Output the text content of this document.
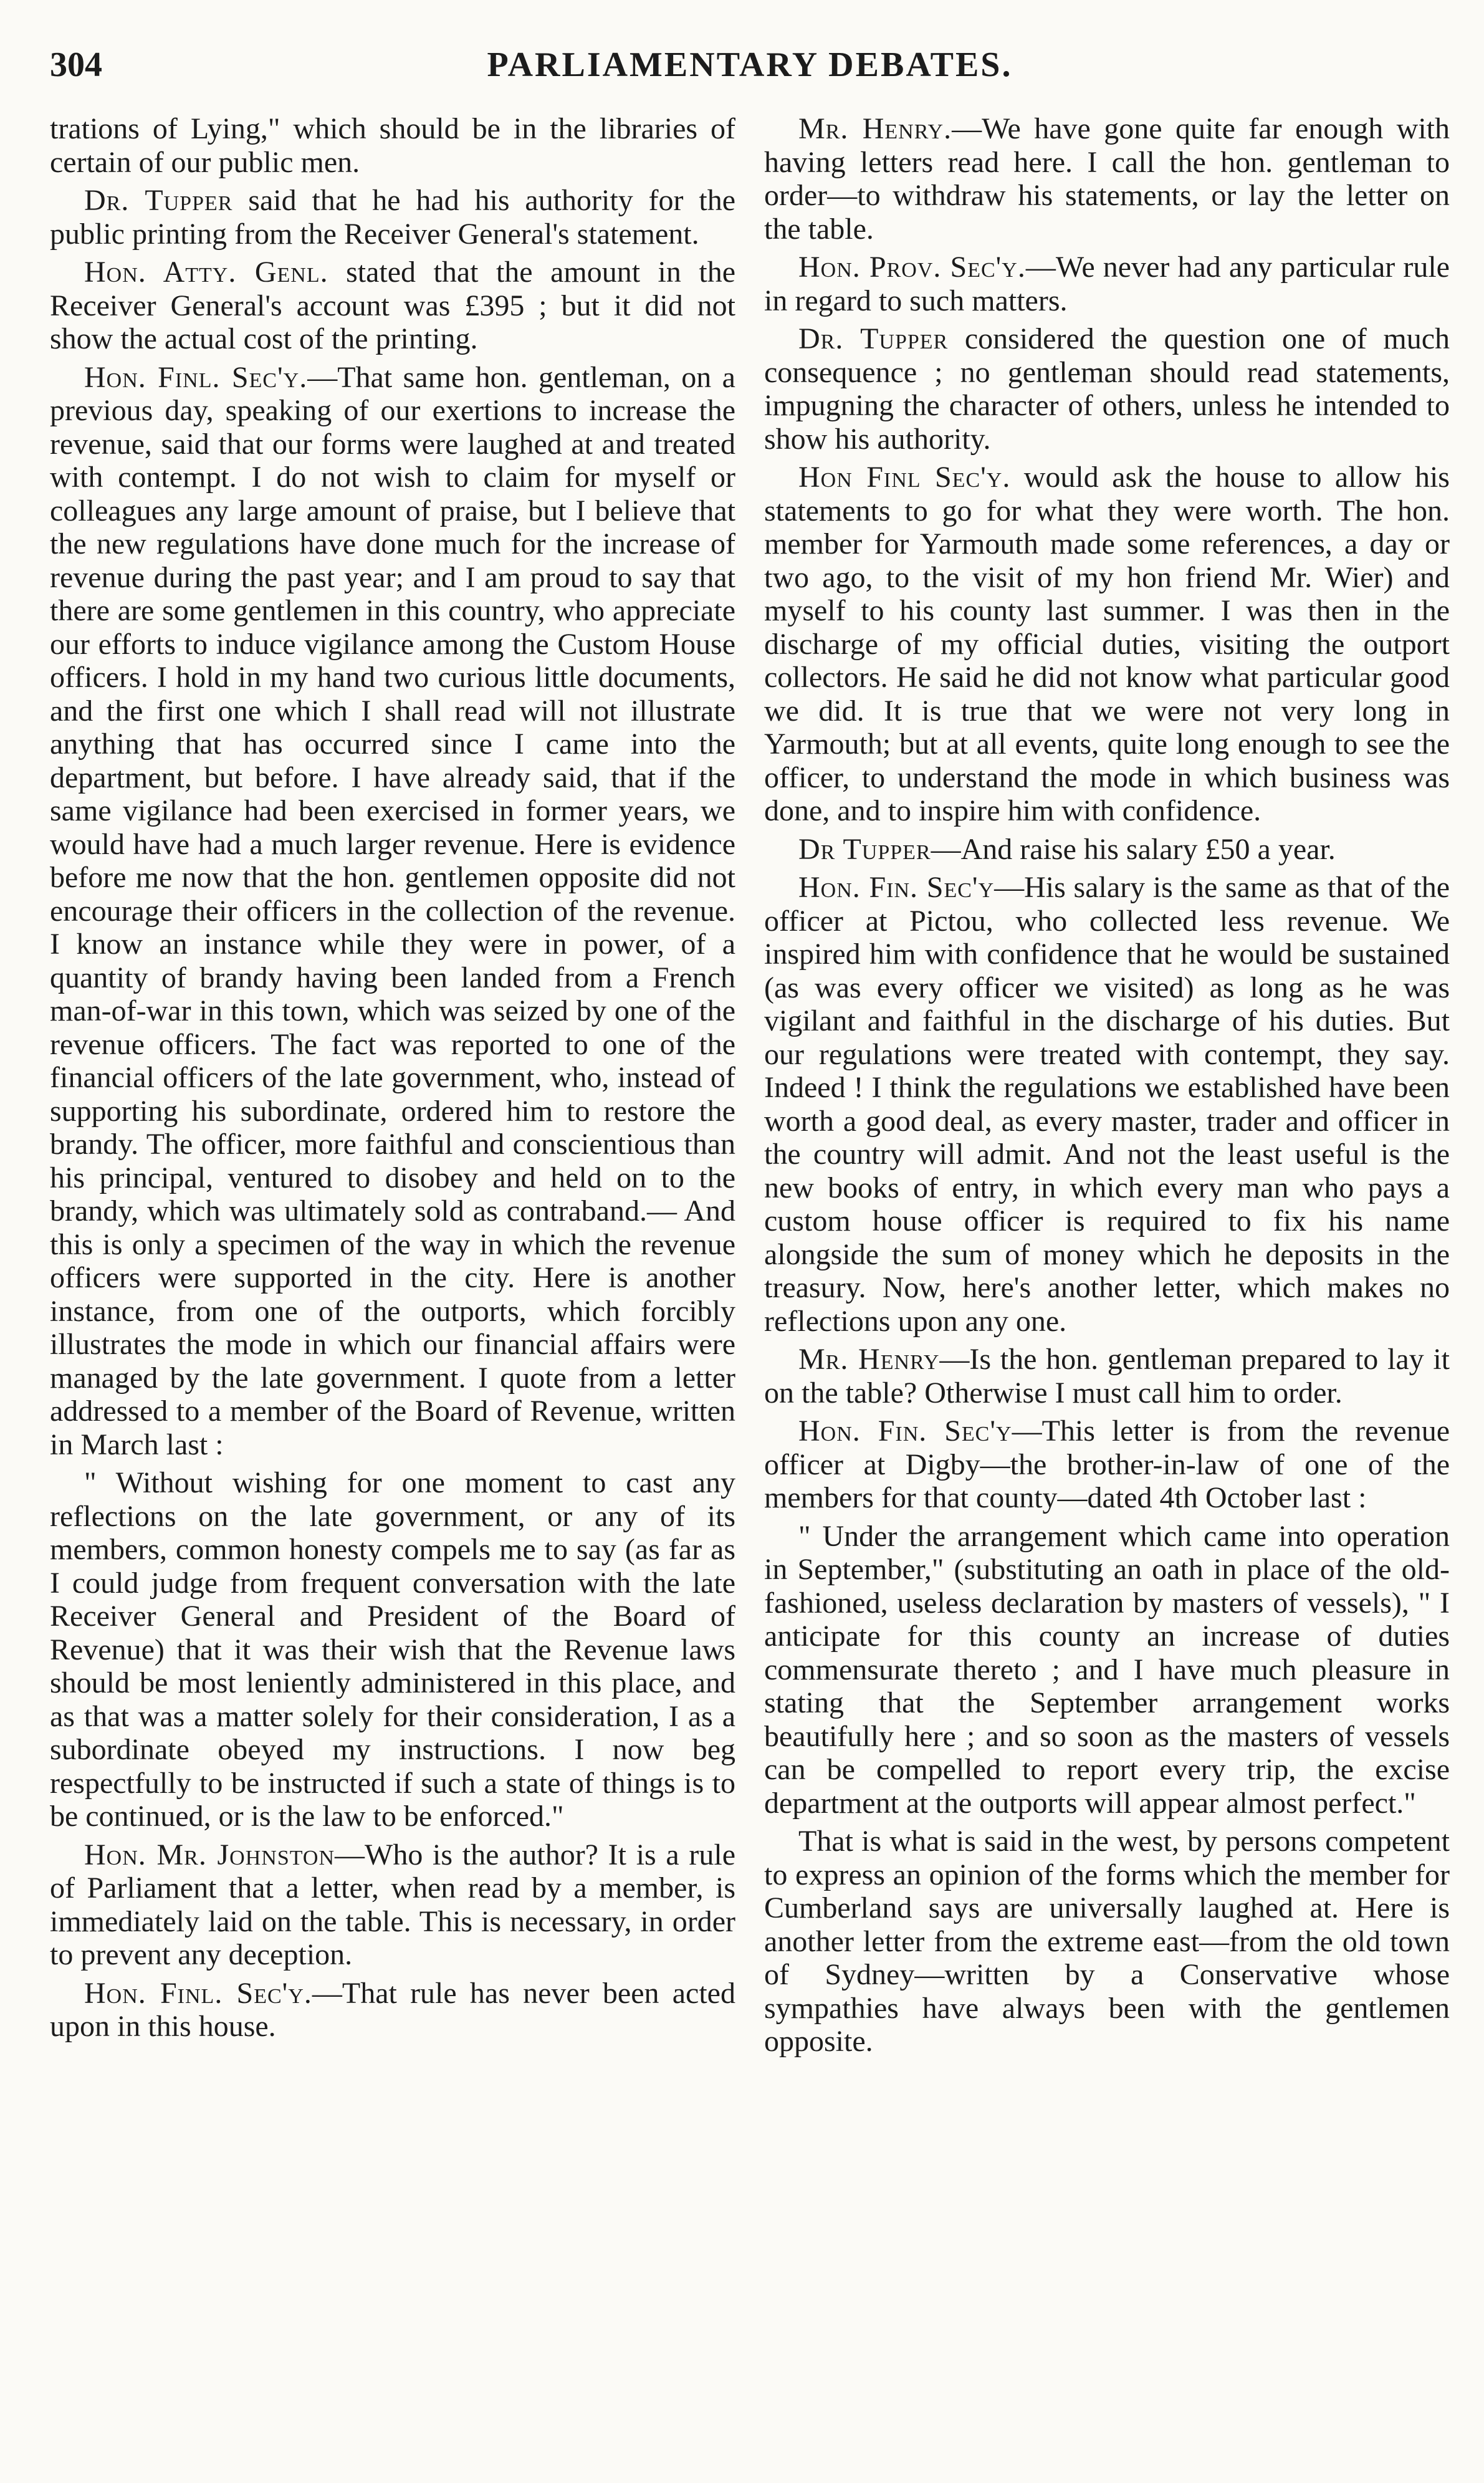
304	PARLIAMENTARY DEBATES.

trations of Lying," which should be in the libraries of certain of our public men.

Dr. Tupper said that he had his authority for the public printing from the Receiver General's statement.

Hon. Atty. Genl. stated that the amount in the Receiver General's account was £395 ; but it did not show the actual cost of the printing.

Hon. Finl. Sec'y.—That same hon. gentleman, on a previous day, speaking of our exertions to increase the revenue, said that our forms were laughed at and treated with contempt. I do not wish to claim for myself or colleagues any large amount of praise, but I believe that the new regulations have done much for the increase of revenue during the past year; and I am proud to say that there are some gentlemen in this country, who appreciate our efforts to induce vigilance among the Custom House officers. I hold in my hand two curious little documents, and the first one which I shall read will not illustrate anything that has occurred since I came into the department, but before. I have already said, that if the same vigilance had been exercised in former years, we would have had a much larger revenue. Here is evidence before me now that the hon. gentlemen opposite did not encourage their officers in the collection of the revenue. I know an instance while they were in power, of a quantity of brandy having been landed from a French man-of-war in this town, which was seized by one of the revenue officers. The fact was reported to one of the financial officers of the late government, who, instead of supporting his subordinate, ordered him to restore the brandy. The officer, more faithful and conscientious than his principal, ventured to disobey and held on to the brandy, which was ultimately sold as contraband.— And this is only a specimen of the way in which the revenue officers were supported in the city. Here is another instance, from one of the outports, which forcibly illustrates the mode in which our financial affairs were managed by the late government. I quote from a letter addressed to a member of the Board of Revenue, written in March last :

" Without wishing for one moment to cast any reflections on the late government, or any of its members, common honesty compels me to say (as far as I could judge from frequent conversation with the late Receiver General and President of the Board of Revenue) that it was their wish that the Revenue laws should be most leniently administered in this place, and as that was a matter solely for their consideration, I as a subordinate obeyed my instructions. I now beg respectfully to be instructed if such a state of things is to be continued, or is the law to be enforced."

Hon. Mr. Johnston—Who is the author? It is a rule of Parliament that a letter, when read by a member, is immediately laid on the table. This is necessary, in order to prevent any deception.

Hon. Finl. Sec'y.—That rule has never been acted upon in this house.

Mr. Henry.—We have gone quite far enough with having letters read here. I call the hon. gentleman to order—to withdraw his statements, or lay the letter on the table.

Hon. Prov. Sec'y.—We never had any particular rule in regard to such matters.

Dr. Tupper considered the question one of much consequence ; no gentleman should read statements, impugning the character of others, unless he intended to show his authority.

Hon Finl Sec'y. would ask the house to allow his statements to go for what they were worth. The hon. member for Yarmouth made some references, a day or two ago, to the visit of my hon friend Mr. Wier) and myself to his county last summer. I was then in the discharge of my official duties, visiting the outport collectors. He said he did not know what particular good we did. It is true that we were not very long in Yarmouth; but at all events, quite long enough to see the officer, to understand the mode in which business was done, and to inspire him with confidence.

Dr Tupper—And raise his salary £50 a year.

Hon. Fin. Sec'y—His salary is the same as that of the officer at Pictou, who collected less revenue. We inspired him with confidence that he would be sustained (as was every officer we visited) as long as he was vigilant and faithful in the discharge of his duties. But our regulations were treated with contempt, they say. Indeed ! I think the regulations we established have been worth a good deal, as every master, trader and officer in the country will admit. And not the least useful is the new books of entry, in which every man who pays a custom house officer is required to fix his name alongside the sum of money which he deposits in the treasury. Now, here's another letter, which makes no reflections upon any one.

Mr. Henry—Is the hon. gentleman prepared to lay it on the table? Otherwise I must call him to order.

Hon. Fin. Sec'y—This letter is from the revenue officer at Digby—the brother-in-law of one of the members for that county—dated 4th October last :

" Under the arrangement which came into operation in September," (substituting an oath in place of the old-fashioned, useless declaration by masters of vessels), " I anticipate for this county an increase of duties commensurate thereto ; and I have much pleasure in stating that the September arrangement works beautifully here ; and so soon as the masters of vessels can be compelled to report every trip, the excise department at the outports will appear almost perfect."

That is what is said in the west, by persons competent to express an opinion of the forms which the member for Cumberland says are universally laughed at. Here is another letter from the extreme east—from the old town of Sydney—written by a Conservative whose sympathies have always been with the gentlemen opposite.
